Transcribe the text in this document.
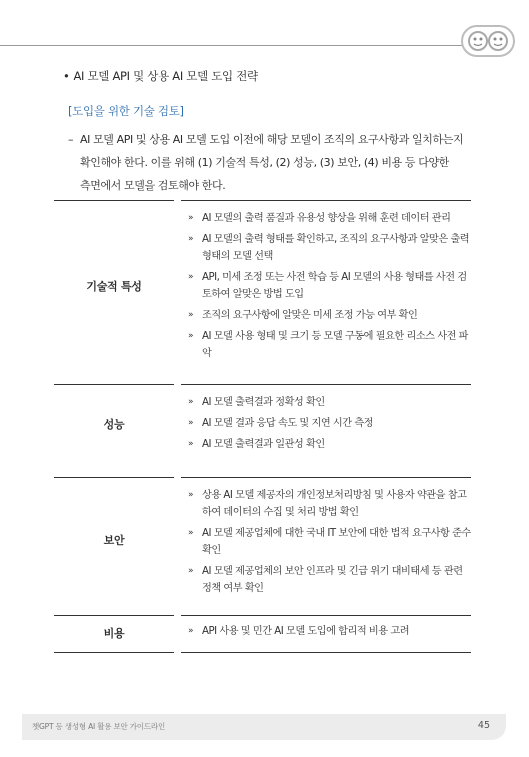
• AI 모델 API 및 상용 AI 모델 도입 전략
[도입을 위한 기술 검토]
– AI 모델 API 및 상용 AI 모델 도입 이전에 해당 모델이 조직의 요구사항과 일치하는지
확인해야 한다. 이를 위해 (1) 기술적 특성, (2) 성능, (3) 보안, (4) 비용 등 다양한
측면에서 모델을 검토해야 한다.
기술적 특성
» AI 모델의 출력 품질과 유용성 향상을 위해 훈련 데이터 관리
» AI 모델의 출력 형태를 확인하고, 조직의 요구사항과 알맞은 출력 형태의 모델 선택
» API, 미세 조정 또는 사전 학습 등 AI 모델의 사용 형태를 사전 검토하여 알맞은 방법 도입
» 조직의 요구사항에 알맞은 미세 조정 가능 여부 확인
» AI 모델 사용 형태 및 크기 등 모델 구동에 필요한 리소스 사전 파악
성능
» AI 모델 출력결과 정확성 확인
» AI 모델 결과 응답 속도 및 지연 시간 측정
» AI 모델 출력결과 일관성 확인
보안
» 상용 AI 모델 제공자의 개인정보처리방침 및 사용자 약관을 참고하여 데이터의 수집 및 처리 방법 확인
» AI 모델 제공업체에 대한 국내 IT 보안에 대한 법적 요구사항 준수 확인
» AI 모델 제공업체의 보안 인프라 및 긴급 위기 대비태세 등 관련 정책 여부 확인
비용	» API 사용 및 민간 AI 모델 도입에 합리적 비용 고려
챗GPT 등 생성형 AI 활용 보안 가이드라인	45
